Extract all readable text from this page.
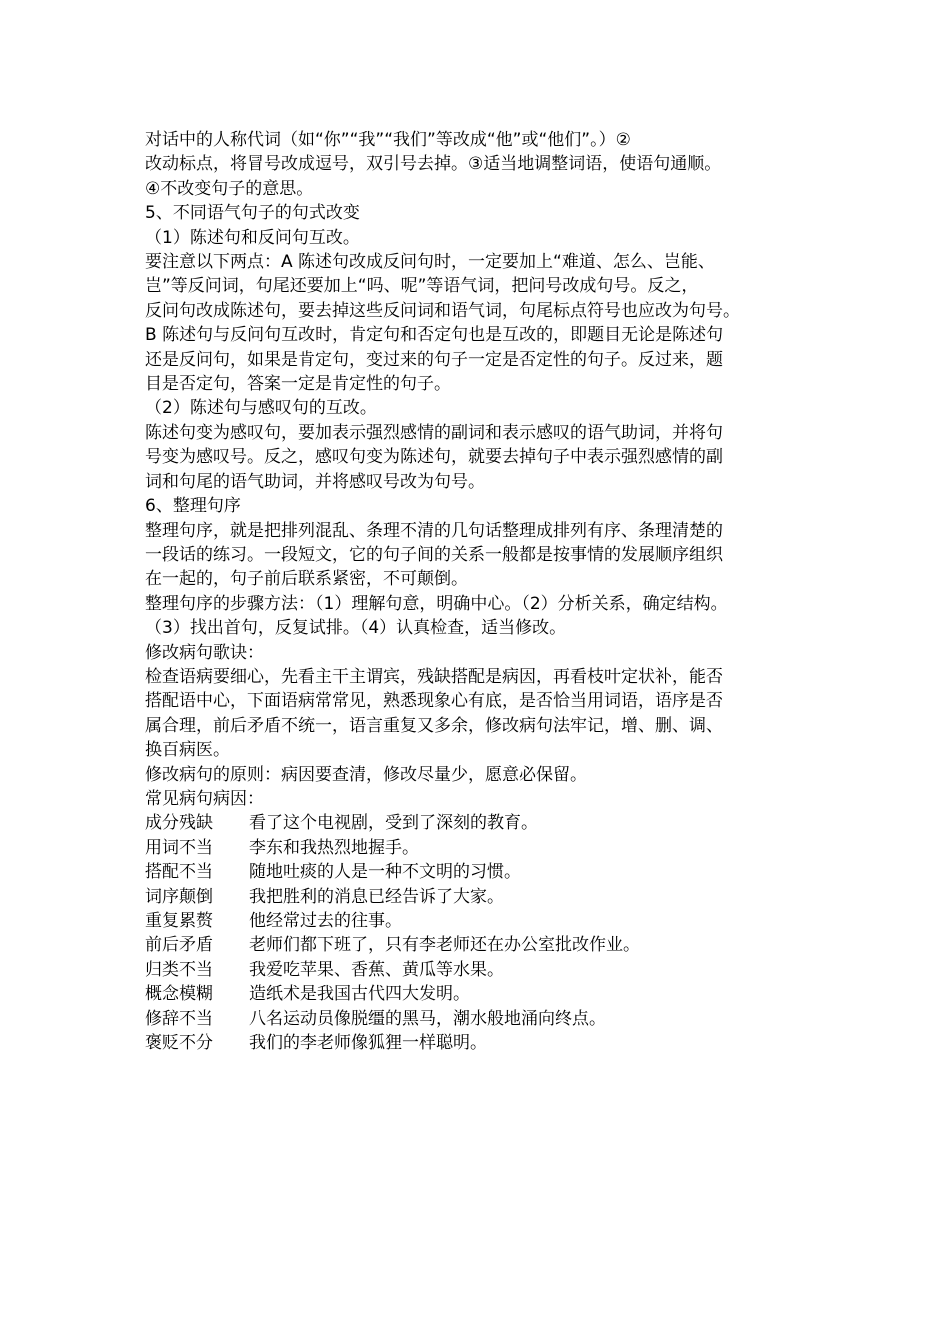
对话中的人称代词（如“你”“我”“我们”等改成“他”或“他们”。）②
改动标点，将冒号改成逗号，双引号去掉。③适当地调整词语，使语句通顺。
④不改变句子的意思。
5、不同语气句子的句式改变
（1）陈述句和反问句互改。
要注意以下两点：A 陈述句改成反问句时，一定要加上“难道、怎么、岂能、
岂”等反问词，句尾还要加上“吗、呢”等语气词，把问号改成句号。反之，
反问句改成陈述句，要去掉这些反问词和语气词，句尾标点符号也应改为句号。
B 陈述句与反问句互改时，肯定句和否定句也是互改的，即题目无论是陈述句
还是反问句，如果是肯定句，变过来的句子一定是否定性的句子。反过来，题
目是否定句，答案一定是肯定性的句子。
（2）陈述句与感叹句的互改。
陈述句变为感叹句，要加表示强烈感情的副词和表示感叹的语气助词，并将句
号变为感叹号。反之，感叹句变为陈述句，就要去掉句子中表示强烈感情的副
词和句尾的语气助词，并将感叹号改为句号。
6、整理句序
整理句序，就是把排列混乱、条理不清的几句话整理成排列有序、条理清楚的
一段话的练习。一段短文，它的句子间的关系一般都是按事情的发展顺序组织
在一起的，句子前后联系紧密，不可颠倒。
整理句序的步骤方法：（1）理解句意，明确中心。（2）分析关系，确定结构。
（3）找出首句，反复试排。（4）认真检查，适当修改。
修改病句歌诀：
检查语病要细心，先看主干主谓宾，残缺搭配是病因，再看枝叶定状补，能否
搭配语中心，下面语病常常见，熟悉现象心有底，是否恰当用词语，语序是否
属合理，前后矛盾不统一，语言重复又多余，修改病句法牢记，增、删、调、
换百病医。
修改病句的原则：病因要查清，修改尽量少，愿意必保留。
常见病句病因：
成分残缺	看了这个电视剧，受到了深刻的教育。
用词不当	李东和我热烈地握手。
搭配不当	随地吐痰的人是一种不文明的习惯。
词序颠倒	我把胜利的消息已经告诉了大家。
重复累赘	他经常过去的往事。
前后矛盾	老师们都下班了，只有李老师还在办公室批改作业。
归类不当	我爱吃苹果、香蕉、黄瓜等水果。
概念模糊	造纸术是我国古代四大发明。
修辞不当	八名运动员像脱缰的黑马，潮水般地涌向终点。
褒贬不分	我们的李老师像狐狸一样聪明。
